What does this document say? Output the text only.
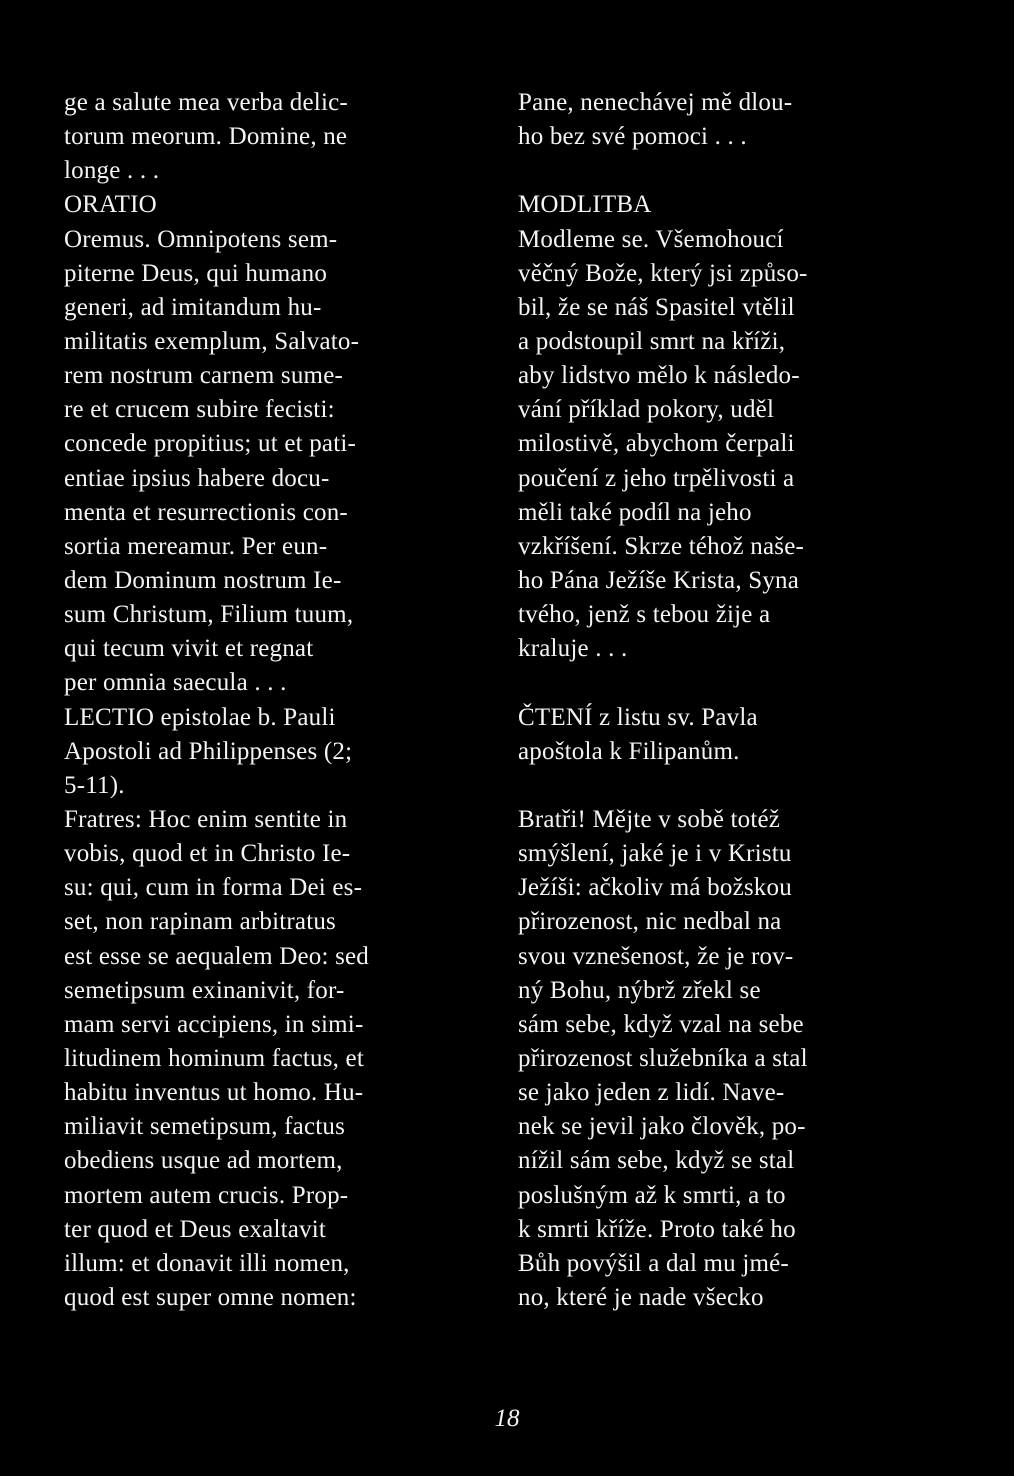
ge a salute mea verba delic-
torum meorum. Domine, ne
longe . . .
ORATIO
Oremus. Omnipotens sem-
piterne Deus, qui humano
generi, ad imitandum hu-
militatis exemplum, Salvato-
rem nostrum carnem sume-
re et crucem subire fecisti:
concede propitius; ut et pati-
entiae ipsius habere docu-
menta et resurrectionis con-
sortia mereamur. Per eun-
dem Dominum nostrum Ie-
sum Christum, Filium tuum,
qui tecum vivit et regnat
per omnia saecula . . .
LECTIO epistolae b. Pauli
Apostoli ad Philippenses (2;
5-11).
Fratres: Hoc enim sentite in
vobis, quod et in Christo Ie-
su: qui, cum in forma Dei es-
set, non rapinam arbitratus
est esse se aequalem Deo: sed
semetipsum exinanivit, for-
mam servi accipiens, in simi-
litudinem hominum factus, et
habitu inventus ut homo. Hu-
miliavit semetipsum, factus
obediens usque ad mortem,
mortem autem crucis. Prop-
ter quod et Deus exaltavit
illum: et donavit illi nomen,
quod est super omne nomen:
Pane, nenechávej mě dlou-
ho bez své pomoci . . .
MODLITBA
Modleme se. Všemohoucí
věčný Bože, který jsi způso-
bil, že se náš Spasitel vtělil
a podstoupil smrt na kříži,
aby lidstvo mělo k následo-
vání příklad pokory, uděl
milostivě, abychom čerpali
poučení z jeho trpělivosti a
měli také podíl na jeho
vzkříšení. Skrze téhož naše-
ho Pána Ježíše Krista, Syna
tvého, jenž s tebou žije a
kraluje . . .
ČTENÍ z listu sv. Pavla
apoštola k Filipanům.
Bratři! Mějte v sobě totéž
smýšlení, jaké je i v Kristu
Ježíši: ačkoliv má božskou
přirozenost, nic nedbal na
svou vznešenost, že je rov-
ný Bohu, nýbrž zřekl se
sám sebe, když vzal na sebe
přirozenost služebníka a stal
se jako jeden z lidí. Nave-
nek se jevil jako člověk, po-
nížil sám sebe, když se stal
poslušným až k smrti, a to
k smrti kříže. Proto také ho
Bůh povýšil a dal mu jmé-
no, které je nade všecko
18
